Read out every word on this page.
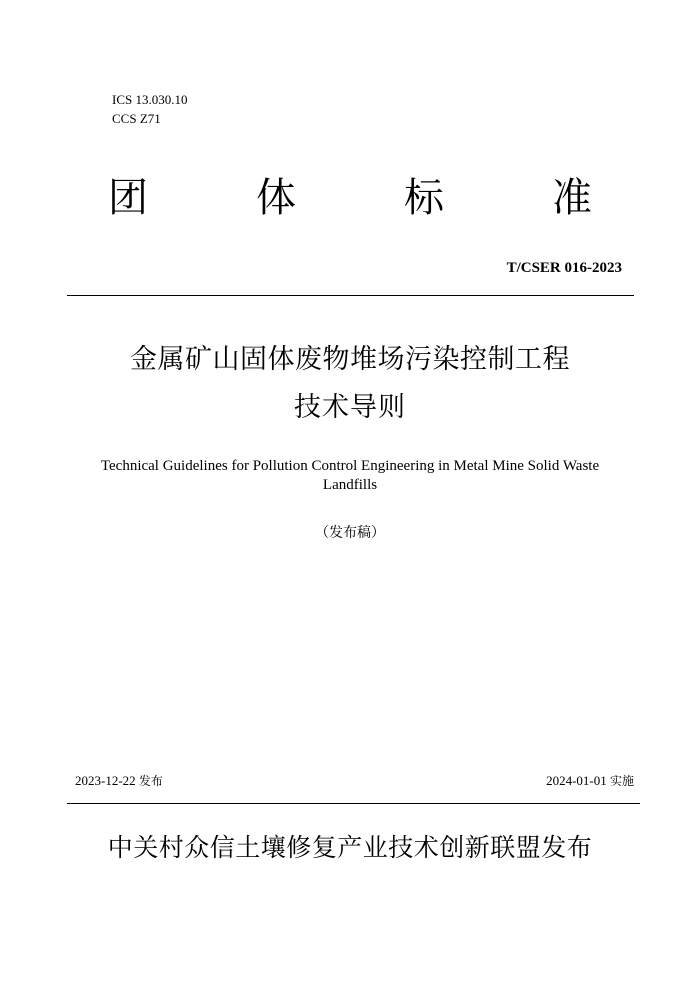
ICS 13.030.10
CCS Z71
团	体	标	准
T/CSER 016-2023
金属矿山固体废物堆场污染控制工程
技术导则
Technical Guidelines for Pollution Control Engineering in Metal Mine Solid Waste
Landfills
（发布稿）
2023-12-22 发布	2024-01-01 实施
中关村众信土壤修复产业技术创新联盟发布
